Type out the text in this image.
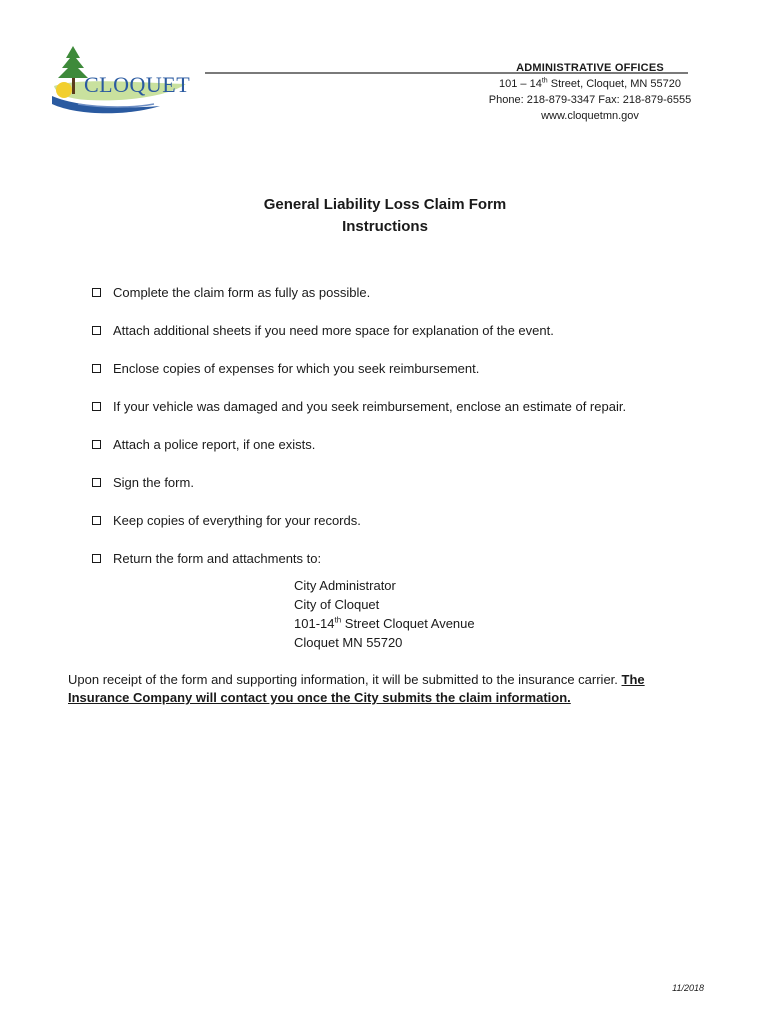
CLOQUET
ADMINISTRATIVE OFFICES
101 – 14th Street, Cloquet, MN 55720
Phone: 218-879-3347 Fax: 218-879-6555
www.cloquetmn.gov
General Liability Loss Claim Form
Instructions
Complete the claim form as fully as possible.
Attach additional sheets if you need more space for explanation of the event.
Enclose copies of expenses for which you seek reimbursement.
If your vehicle was damaged and you seek reimbursement, enclose an estimate of repair.
Attach a police report, if one exists.
Sign the form.
Keep copies of everything for your records.
Return the form and attachments to:
City Administrator
City of Cloquet
101-14th Street Cloquet Avenue
Cloquet MN 55720
Upon receipt of the form and supporting information, it will be submitted to the insurance carrier. The Insurance Company will contact you once the City submits the claim information.
11/2018
